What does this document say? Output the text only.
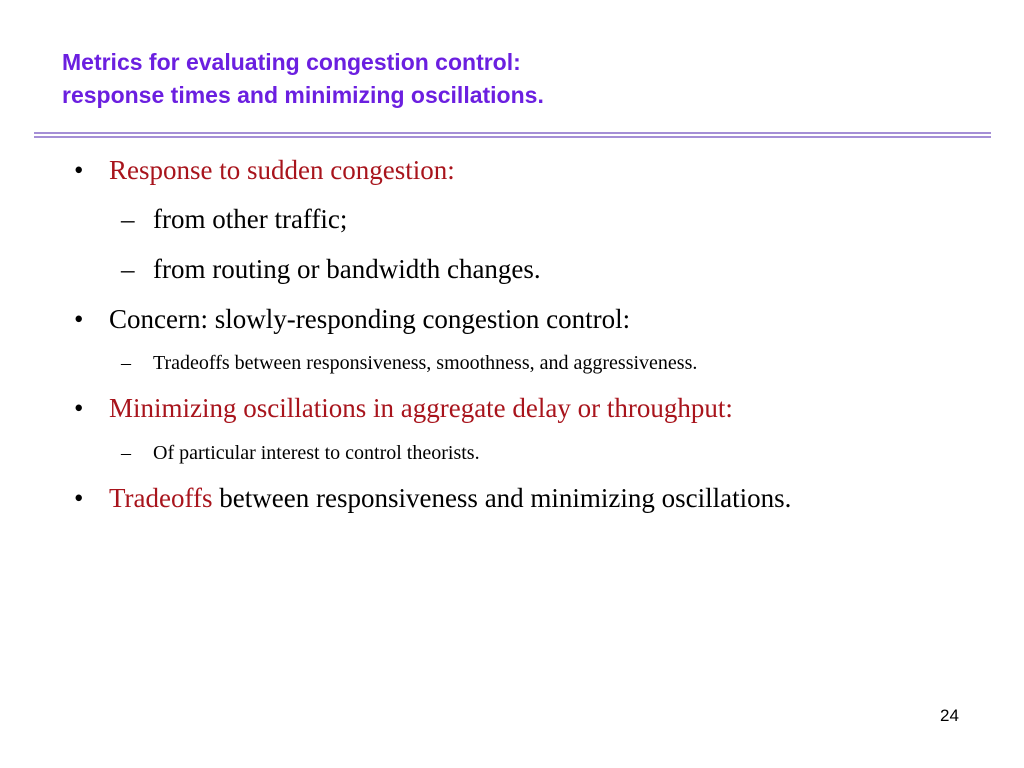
Metrics for evaluating congestion control:
response times and minimizing oscillations.
• Response to sudden congestion:
– from other traffic;
– from routing or bandwidth changes.
• Concern: slowly-responding congestion control:
– Tradeoffs between responsiveness, smoothness, and aggressiveness.
• Minimizing oscillations in aggregate delay or throughput:
– Of particular interest to control theorists.
• Tradeoffs between responsiveness and minimizing oscillations.
24
